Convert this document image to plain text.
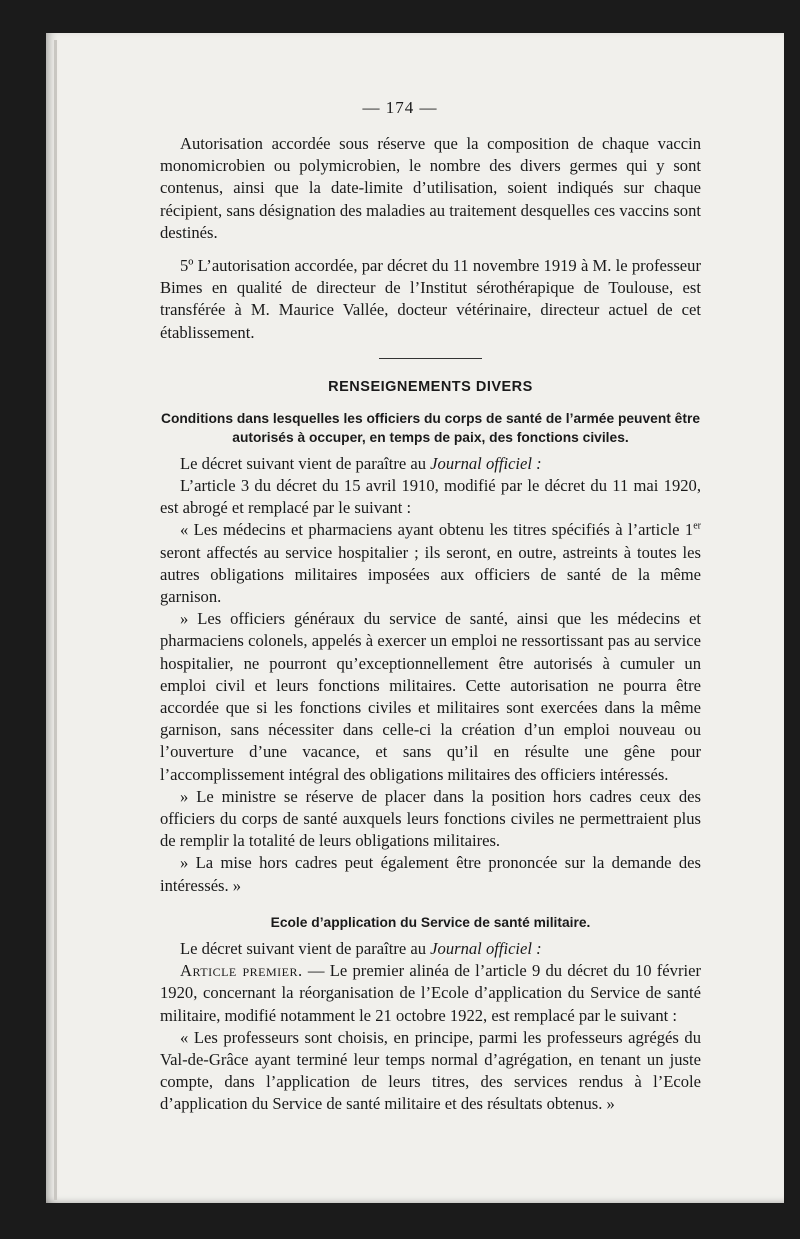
— 174 —

Autorisation accordée sous réserve que la composition de chaque vaccin monomicrobien ou polymicrobien, le nombre des divers germes qui y sont contenus, ainsi que la date-limite d’utilisation, soient indiqués sur chaque récipient, sans désignation des maladies au traitement desquelles ces vaccins sont destinés.

5º L’autorisation accordée, par décret du 11 novembre 1919 à M. le professeur Bimes en qualité de directeur de l’Institut sérothérapique de Toulouse, est transférée à M. Maurice Vallée, docteur vétérinaire, directeur actuel de cet établissement.

RENSEIGNEMENTS DIVERS
Conditions dans lesquelles les officiers du corps de santé de l’armée peuvent être autorisés à occuper, en temps de paix, des fonctions civiles.

Le décret suivant vient de paraître au Journal officiel :

L’article 3 du décret du 15 avril 1910, modifié par le décret du 11 mai 1920, est abrogé et remplacé par le suivant :

« Les médecins et pharmaciens ayant obtenu les titres spécifiés à l’article 1er seront affectés au service hospitalier ; ils seront, en outre, astreints à toutes les autres obligations militaires imposées aux officiers de santé de la même garnison.

» Les officiers généraux du service de santé, ainsi que les médecins et pharmaciens colonels, appelés à exercer un emploi ne ressortissant pas au service hospitalier, ne pourront qu’exceptionnellement être autorisés à cumuler un emploi civil et leurs fonctions militaires. Cette autorisation ne pourra être accordée que si les fonctions civiles et militaires sont exercées dans la même garnison, sans nécessiter dans celle-ci la création d’un emploi nouveau ou l’ouverture d’une vacance, et sans qu’il en résulte une gêne pour l’accomplissement intégral des obligations militaires des officiers intéressés.

» Le ministre se réserve de placer dans la position hors cadres ceux des officiers du corps de santé auxquels leurs fonctions civiles ne permettraient plus de remplir la totalité de leurs obligations militaires.

» La mise hors cadres peut également être prononcée sur la demande des intéressés. »

Ecole d’application du Service de santé militaire.

Le décret suivant vient de paraître au Journal officiel :

Article premier. — Le premier alinéa de l’article 9 du décret du 10 février 1920, concernant la réorganisation de l’Ecole d’application du Service de santé militaire, modifié notamment le 21 octobre 1922, est remplacé par le suivant :

« Les professeurs sont choisis, en principe, parmi les professeurs agrégés du Val-de-Grâce ayant terminé leur temps normal d’agrégation, en tenant un juste compte, dans l’application de leurs titres, des services rendus à l’Ecole d’application du Service de santé militaire et des résultats obtenus. »
